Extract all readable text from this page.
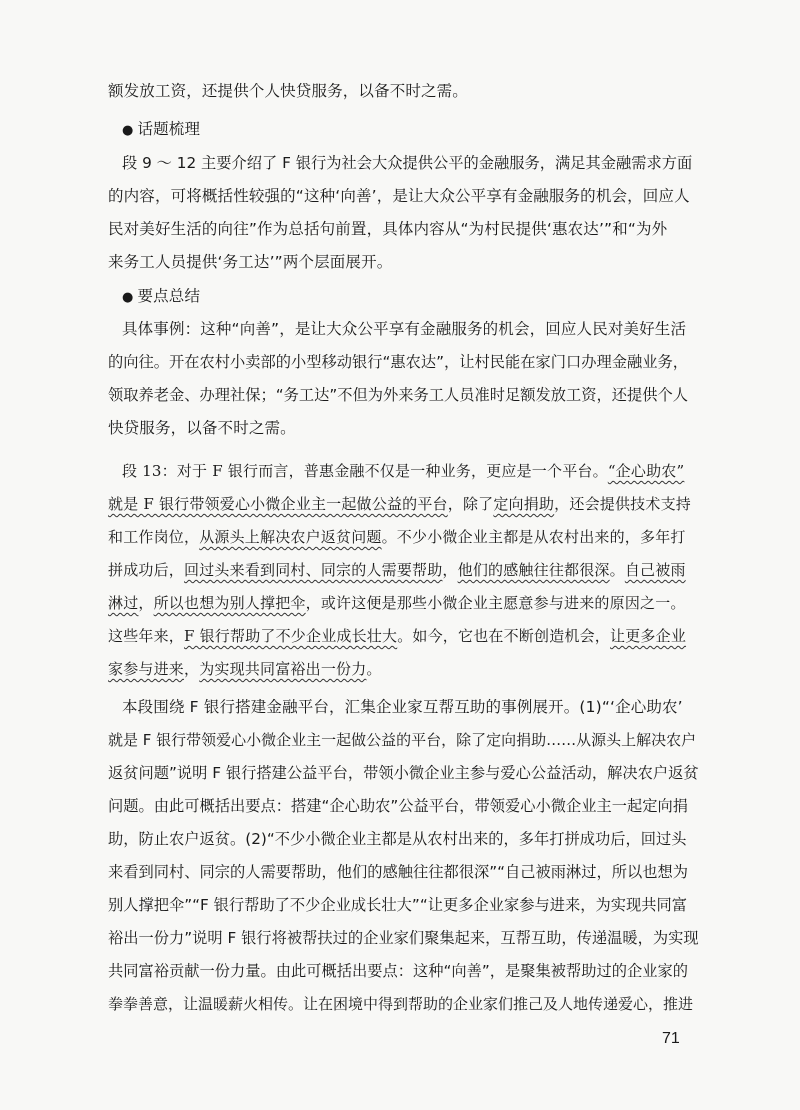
额发放工资，还提供个人快贷服务，以备不时之需。
● 话题梳理
段 9 ～ 12 主要介绍了 F 银行为社会大众提供公平的金融服务，满足其金融需求方面
的内容，可将概括性较强的“这种‘向善’，是让大众公平享有金融服务的机会，回应人
民对美好生活的向往”作为总括句前置，具体内容从“为村民提供‘惠农达’”和“为外
来务工人员提供‘务工达’”两个层面展开。
● 要点总结
具体事例：这种“向善”，是让大众公平享有金融服务的机会，回应人民对美好生活
的向往。开在农村小卖部的小型移动银行“惠农达”，让村民能在家门口办理金融业务，
领取养老金、办理社保；“务工达”不但为外来务工人员准时足额发放工资，还提供个人
快贷服务，以备不时之需。
段 13：对于 F 银行而言，普惠金融不仅是一种业务，更应是一个平台。“企心助农”
就是 F 银行带领爱心小微企业主一起做公益的平台，除了定向捐助，还会提供技术支持
和工作岗位，从源头上解决农户返贫问题。不少小微企业主都是从农村出来的，多年打
拼成功后，回过头来看到同村、同宗的人需要帮助，他们的感触往往都很深。自己被雨
淋过，所以也想为别人撑把伞，或许这便是那些小微企业主愿意参与进来的原因之一。
这些年来，F 银行帮助了不少企业成长壮大。如今，它也在不断创造机会，让更多企业
家参与进来，为实现共同富裕出一份力。
本段围绕 F 银行搭建金融平台，汇集企业家互帮互助的事例展开。(1)“‘企心助农’
就是 F 银行带领爱心小微企业主一起做公益的平台，除了定向捐助……从源头上解决农户
返贫问题”说明 F 银行搭建公益平台，带领小微企业主参与爱心公益活动，解决农户返贫
问题。由此可概括出要点：搭建“企心助农”公益平台，带领爱心小微企业主一起定向捐
助，防止农户返贫。(2)“不少小微企业主都是从农村出来的，多年打拼成功后，回过头
来看到同村、同宗的人需要帮助，他们的感触往往都很深”“自己被雨淋过，所以也想为
别人撑把伞”“F 银行帮助了不少企业成长壮大”“让更多企业家参与进来，为实现共同富
裕出一份力”说明 F 银行将被帮扶过的企业家们聚集起来，互帮互助，传递温暖，为实现
共同富裕贡献一份力量。由此可概括出要点：这种“向善”，是聚集被帮助过的企业家的
拳拳善意，让温暖薪火相传。让在困境中得到帮助的企业家们推己及人地传递爱心，推进
71
